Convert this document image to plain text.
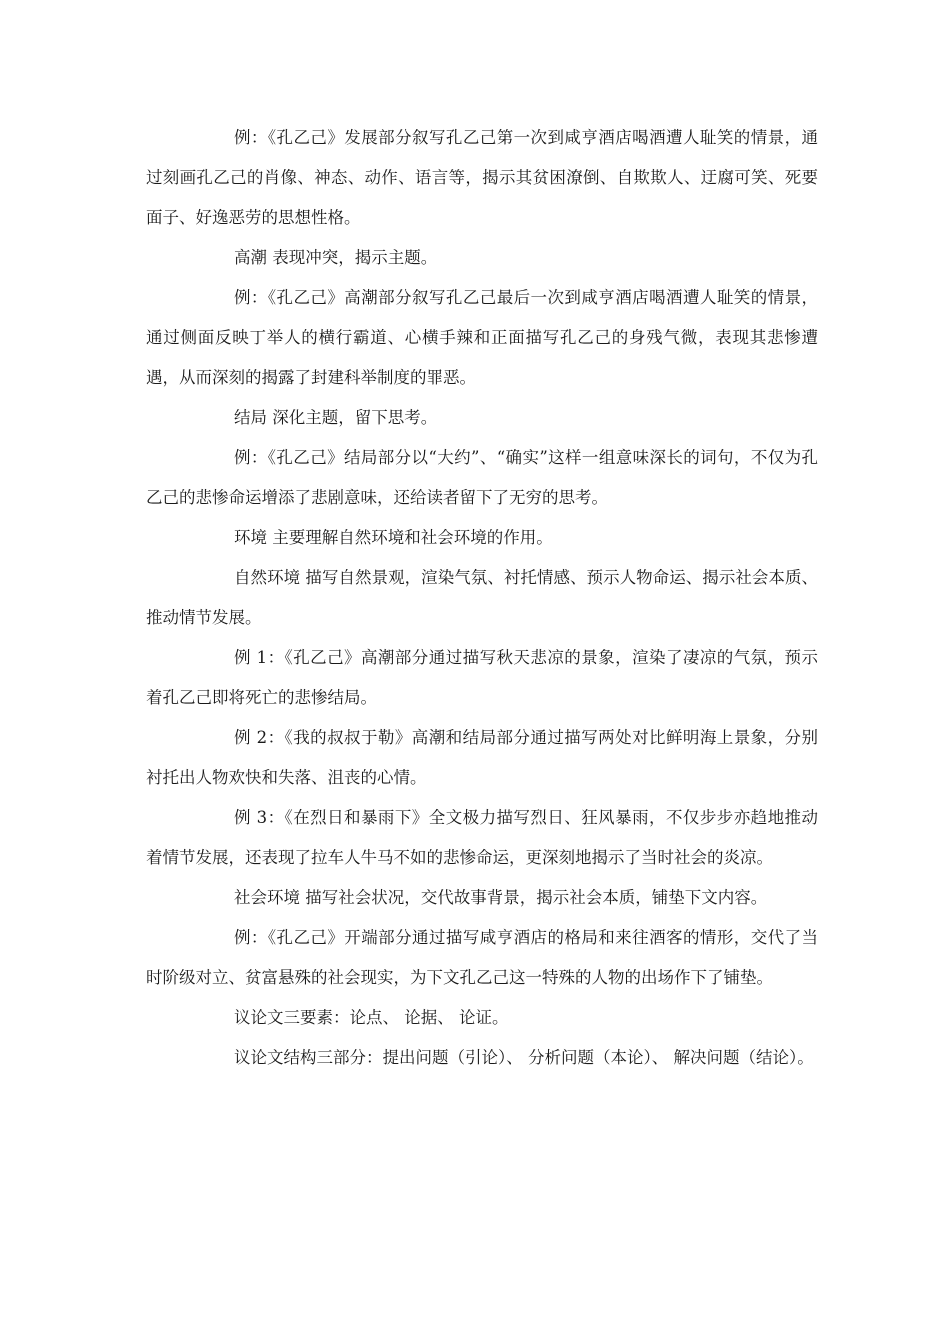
例：《孔乙己》发展部分叙写孔乙己第一次到咸亨酒店喝酒遭人耻笑的情景，通过刻画孔乙己的肖像、神态、动作、语言等，揭示其贫困潦倒、自欺欺人、迂腐可笑、死要面子、好逸恶劳的思想性格。

高潮 表现冲突，揭示主题。

例：《孔乙己》高潮部分叙写孔乙己最后一次到咸亨酒店喝酒遭人耻笑的情景，通过侧面反映丁举人的横行霸道、心横手辣和正面描写孔乙己的身残气微，表现其悲惨遭遇，从而深刻的揭露了封建科举制度的罪恶。

结局 深化主题，留下思考。

例：《孔乙己》结局部分以“大约”、“确实”这样一组意味深长的词句，不仅为孔乙己的悲惨命运增添了悲剧意味，还给读者留下了无穷的思考。

环境 主要理解自然环境和社会环境的作用。

自然环境 描写自然景观，渲染气氛、衬托情感、预示人物命运、揭示社会本质、推动情节发展。

例 1：《孔乙己》高潮部分通过描写秋天悲凉的景象，渲染了凄凉的气氛，预示着孔乙己即将死亡的悲惨结局。

例 2：《我的叔叔于勒》高潮和结局部分通过描写两处对比鲜明海上景象，分别衬托出人物欢快和失落、沮丧的心情。

例 3：《在烈日和暴雨下》全文极力描写烈日、狂风暴雨，不仅步步亦趋地推动着情节发展，还表现了拉车人牛马不如的悲惨命运，更深刻地揭示了当时社会的炎凉。

社会环境 描写社会状况，交代故事背景，揭示社会本质，铺垫下文内容。

例：《孔乙己》开端部分通过描写咸亨酒店的格局和来往酒客的情形，交代了当时阶级对立、贫富悬殊的社会现实，为下文孔乙己这一特殊的人物的出场作下了铺垫。

议论文三要素：论点、 论据、 论证。

议论文结构三部分：提出问题（引论）、 分析问题（本论）、 解决问题（结论）。
